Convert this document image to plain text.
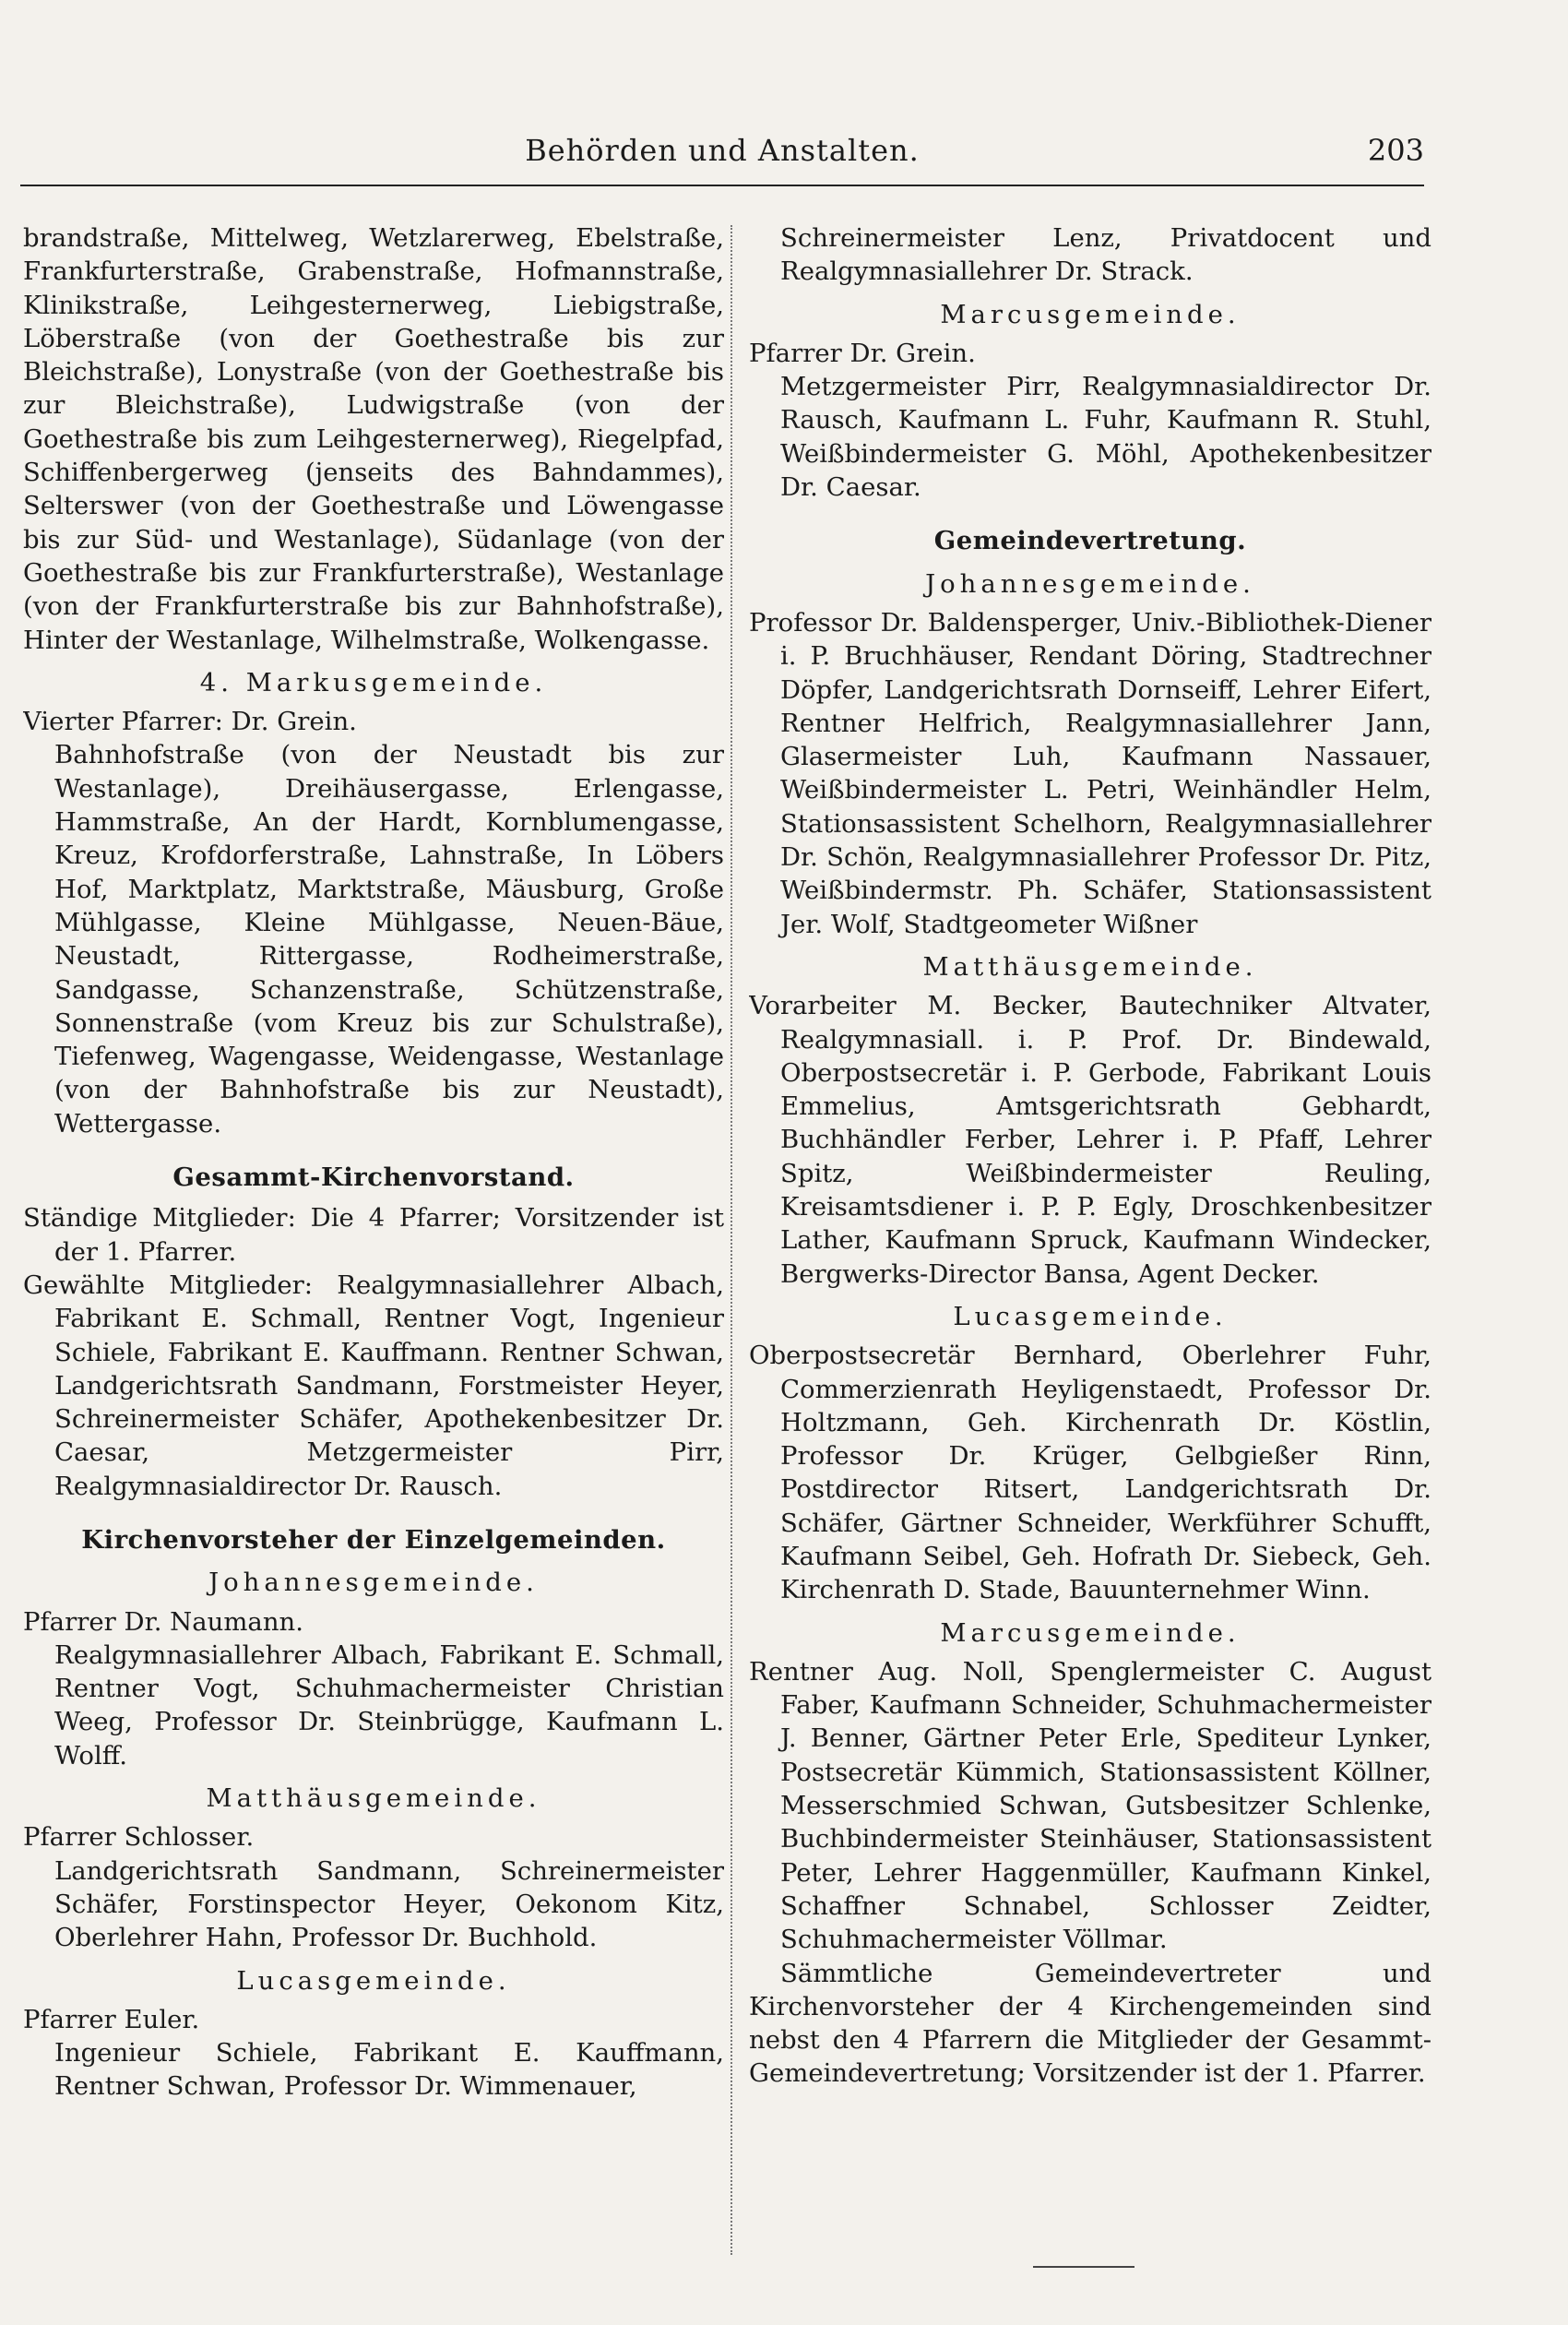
Behörden und Anstalten.	203

brandstraße, Mittelweg, Wetzlarerweg, Ebelstraße, Frankfurterstraße, Grabenstraße, Hofmannstraße, Klinikstraße, Leihgesternerweg, Liebigstraße, Löberstraße (von der Goethestraße bis zur Bleichstraße), Lonystraße (von der Goethestraße bis zur Bleichstraße), Ludwigstraße (von der Goethestraße bis zum Leihgesternerweg), Riegelpfad, Schiffenbergerweg (jenseits des Bahndammes), Selterswег (von der Goethestraße und Löwengasse bis zur Süd- und Westanlage), Südanlage (von der Goethestraße bis zur Frankfurterstraße), Westanlage (von der Frankfurterstraße bis zur Bahnhofstraße), Hinter der Westanlage, Wilhelmstraße, Wolkengasse.

4. Markusgemeinde.

Vierter Pfarrer: Dr. Grein.

Bahnhofstraße (von der Neustadt bis zur Westanlage), Dreihäusergasse, Erlengasse, Hammstraße, An der Hardt, Kornblumengasse, Kreuz, Krofdorferstraße, Lahnstraße, In Löbers Hof, Marktplatz, Marktstraße, Mäusburg, Große Mühlgasse, Kleine Mühlgasse, Neuen-Bäue, Neustadt, Rittergasse, Rodheimerstraße, Sandgasse, Schanzenstraße, Schützenstraße, Sonnenstraße (vom Kreuz bis zur Schulstraße), Tiefenweg, Wagengasse, Weidengasse, Westanlage (von der Bahnhofstraße bis zur Neustadt), Wettergasse.

Gesammt-Kirchenvorstand.

Ständige Mitglieder: Die 4 Pfarrer; Vorsitzender ist der 1. Pfarrer.

Gewählte Mitglieder: Realgymnasiallehrer Albach, Fabrikant E. Schmall, Rentner Vogt, Ingenieur Schiele, Fabrikant E. Kauffmann. Rentner Schwan, Landgerichtsrath Sandmann, Forstmeister Heyer, Schreinermeister Schäfer, Apothekenbesitzer Dr. Caesar, Metzgermeister Pirr, Realgymnasialdirector Dr. Rausch.

Kirchenvorsteher der Einzelgemeinden.

Johannesgemeinde.

Pfarrer Dr. Naumann.

Realgymnasiallehrer Albach, Fabrikant E. Schmall, Rentner Vogt, Schuhmachermeister Christian Weeg, Professor Dr. Steinbrügge, Kaufmann L. Wolff.

Matthäusgemeinde.

Pfarrer Schlosser.

Landgerichtsrath Sandmann, Schreinermeister Schäfer, Forstinspector Heyer, Oekonom Kitz, Oberlehrer Hahn, Professor Dr. Buchhold.

Lucasgemeinde.

Pfarrer Euler.

Ingenieur Schiele, Fabrikant E. Kauffmann, Rentner Schwan, Professor Dr. Wimmenauer,

Schreinermeister Lenz, Privatdocent und Realgymnasiallehrer Dr. Strack.

Marcusgemeinde.

Pfarrer Dr. Grein.

Metzgermeister Pirr, Realgymnasialdirector Dr. Rausch, Kaufmann L. Fuhr, Kaufmann R. Stuhl, Weißbindermeister G. Möhl, Apothekenbesitzer Dr. Caesar.

Gemeindevertretung.

Johannesgemeinde.

Professor Dr. Baldensperger, Univ.-Bibliothek-Diener i. P. Bruchhäuser, Rendant Döring, Stadtrechner Döpfer, Landgerichtsrath Dornseiff, Lehrer Eifert, Rentner Helfrich, Realgymnasiallehrer Jann, Glasermeister Luh, Kaufmann Nassauer, Weißbindermeister L. Petri, Weinhändler Helm, Stationsassistent Schelhorn, Realgymnasiallehrer Dr. Schön, Realgymnasiallehrer Professor Dr. Pitz, Weißbindermstr. Ph. Schäfer, Stationsassistent Jer. Wolf, Stadtgeometer Wißner

Matthäusgemeinde.

Vorarbeiter M. Becker, Bautechniker Altvater, Realgymnasiall. i. P. Prof. Dr. Bindewald, Oberpostsecretär i. P. Gerbode, Fabrikant Louis Emmelius, Amtsgerichtsrath Gebhardt, Buchhändler Ferber, Lehrer i. P. Pfaff, Lehrer Spitz, Weißbindermeister Reuling, Kreisamtsdiener i. P. P. Egly, Droschkenbesitzer Lather, Kaufmann Spruck, Kaufmann Windecker, Bergwerks-Director Bansa, Agent Decker.

Lucasgemeinde.

Oberpostsecretär Bernhard, Oberlehrer Fuhr, Commerzienrath Heyligenstaedt, Professor Dr. Holtzmann, Geh. Kirchenrath Dr. Köstlin, Professor Dr. Krüger, Gelbgießer Rinn, Postdirector Ritsert, Landgerichtsrath Dr. Schäfer, Gärtner Schneider, Werkführer Schufft, Kaufmann Seibel, Geh. Hofrath Dr. Siebeck, Geh. Kirchenrath D. Stade, Bauunternehmer Winn.

Marcusgemeinde.

Rentner Aug. Noll, Spenglermeister C. August Faber, Kaufmann Schneider, Schuhmachermeister J. Benner, Gärtner Peter Erle, Spediteur Lynker, Postsecretär Kümmich, Stationsassistent Köllner, Messerschmied Schwan, Gutsbesitzer Schlenke, Buchbindermeister Steinhäuser, Stationsassistent Peter, Lehrer Haggenmüller, Kaufmann Kinkel, Schaffner Schnabel, Schlosser Zeidter, Schuhmachermeister Völlmar.

Sämmtliche Gemeindevertreter und Kirchenvorsteher der 4 Kirchengemeinden sind nebst den 4 Pfarrern die Mitglieder der Gesammt-Gemeindevertretung; Vorsitzender ist der 1. Pfarrer.
